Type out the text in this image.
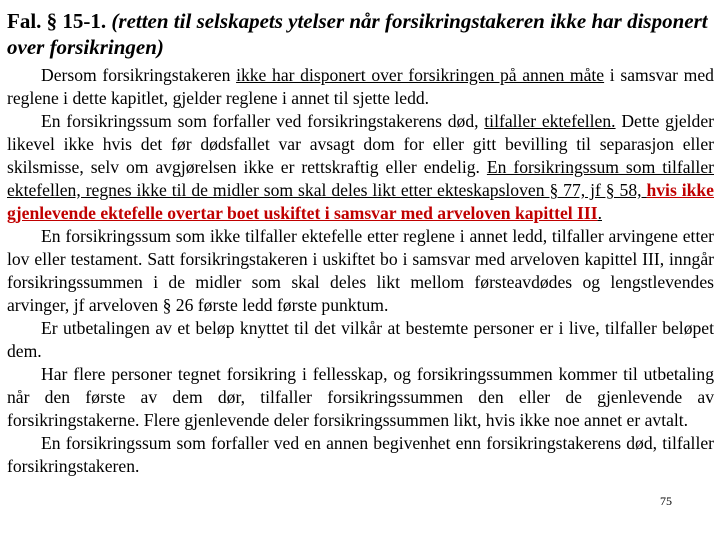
Fal. § 15-1. (retten til selskapets ytelser når forsikringstakeren ikke har disponert over forsikringen)

Dersom forsikringstakeren ikke har disponert over forsikringen på annen måte i samsvar med reglene i dette kapitlet, gjelder reglene i annet til sjette ledd.

En forsikringssum som forfaller ved forsikringstakerens død, tilfaller ektefellen. Dette gjelder likevel ikke hvis det før dødsfallet var avsagt dom for eller gitt bevilling til separasjon eller skilsmisse, selv om avgjørelsen ikke er rettskraftig eller endelig. En forsikringssum som tilfaller ektefellen, regnes ikke til de midler som skal deles likt etter ekteskapsloven § 77, jf § 58, hvis ikke gjenlevende ektefelle overtar boet uskiftet i samsvar med arveloven kapittel III.

En forsikringssum som ikke tilfaller ektefelle etter reglene i annet ledd, tilfaller arvingene etter lov eller testament. Satt forsikringstakeren i uskiftet bo i samsvar med arveloven kapittel III, inngår forsikringssummen i de midler som skal deles likt mellom førsteavdødes og lengstlevendes arvinger, jf arveloven § 26 første ledd første punktum.

Er utbetalingen av et beløp knyttet til det vilkår at bestemte personer er i live, tilfaller beløpet dem.

Har flere personer tegnet forsikring i fellesskap, og forsikringssummen kommer til utbetaling når den første av dem dør, tilfaller forsikringssummen den eller de gjenlevende av forsikringstakerne. Flere gjenlevende deler forsikringssummen likt, hvis ikke noe annet er avtalt.

En forsikringssum som forfaller ved en annen begivenhet enn forsikringstakerens død, tilfaller forsikringstakeren.

75
